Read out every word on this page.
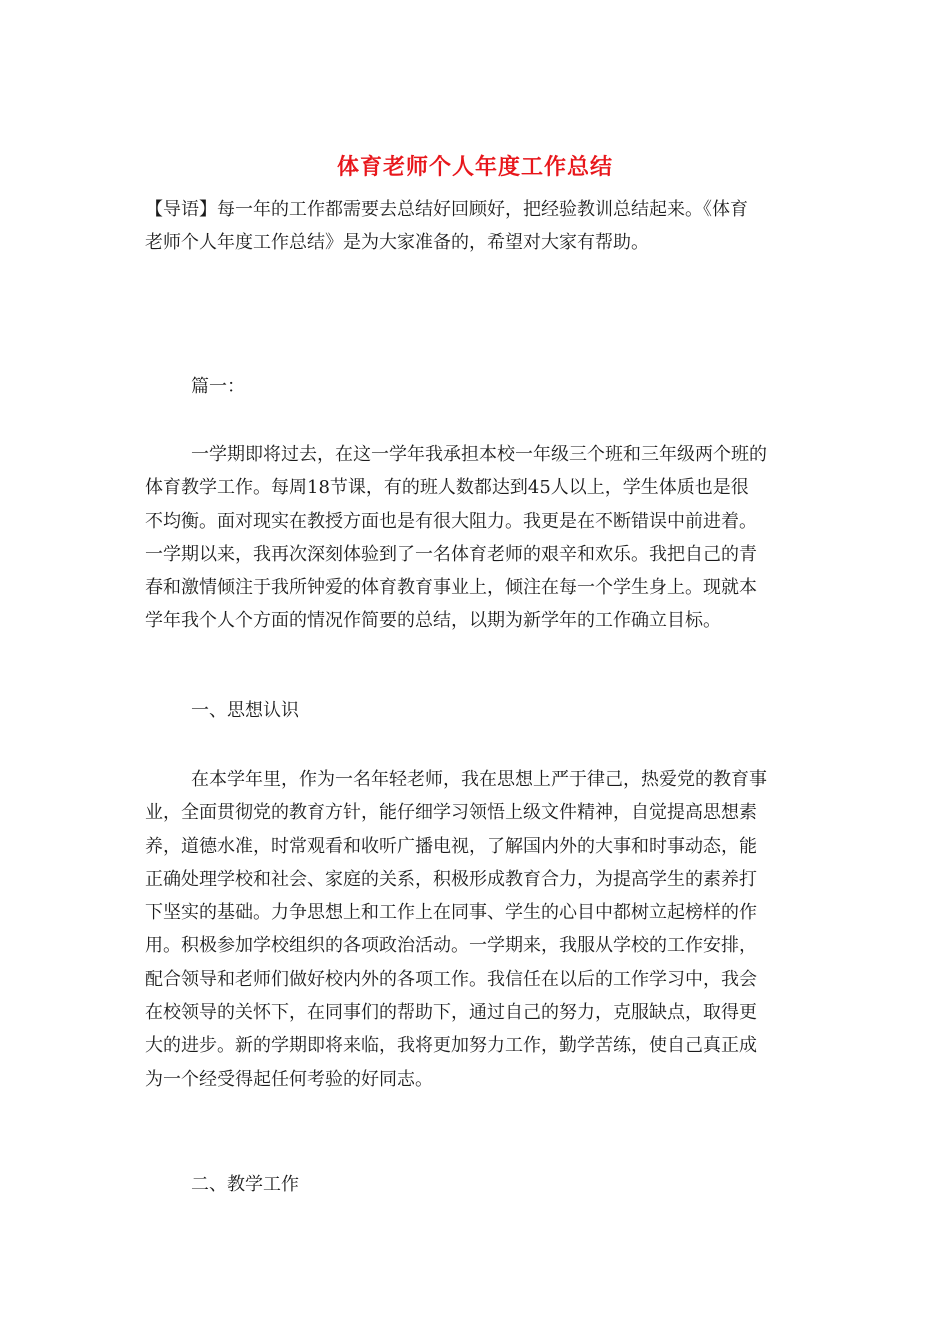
体育老师个人年度工作总结

【导语】每一年的工作都需要去总结好回顾好，把经验教训总结起来。《体育
老师个人年度工作总结》是为大家准备的，希望对大家有帮助。

篇一：

一学期即将过去，在这一学年我承担本校一年级三个班和三年级两个班的
体育教学工作。每周18节课，有的班人数都达到45人以上，学生体质也是很
不均衡。面对现实在教授方面也是有很大阻力。我更是在不断错误中前进着。
一学期以来，我再次深刻体验到了一名体育老师的艰辛和欢乐。我把自己的青
春和激情倾注于我所钟爱的体育教育事业上，倾注在每一个学生身上。现就本
学年我个人个方面的情况作简要的总结，以期为新学年的工作确立目标。

一、思想认识

在本学年里，作为一名年轻老师，我在思想上严于律己，热爱党的教育事
业，全面贯彻党的教育方针，能仔细学习领悟上级文件精神，自觉提高思想素
养，道德水准，时常观看和收听广播电视，了解国内外的大事和时事动态，能
正确处理学校和社会、家庭的关系，积极形成教育合力，为提高学生的素养打
下坚实的基础。力争思想上和工作上在同事、学生的心目中都树立起榜样的作
用。积极参加学校组织的各项政治活动。一学期来，我服从学校的工作安排，
配合领导和老师们做好校内外的各项工作。我信任在以后的工作学习中，我会
在校领导的关怀下，在同事们的帮助下，通过自己的努力，克服缺点，取得更
大的进步。新的学期即将来临，我将更加努力工作，勤学苦练，使自己真正成
为一个经受得起任何考验的好同志。

二、教学工作
